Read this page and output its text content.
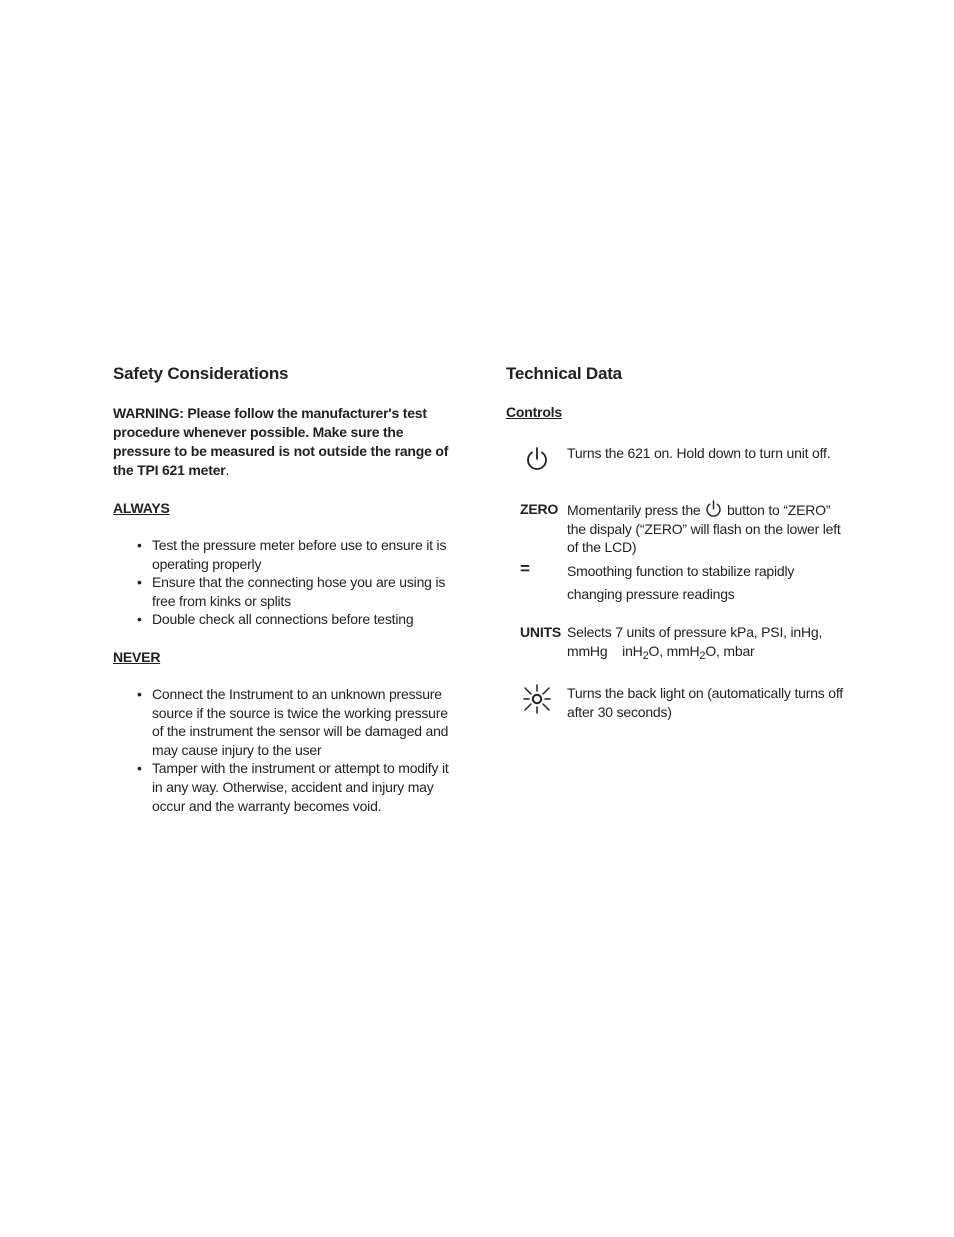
Safety Considerations
WARNING: Please follow the manufacturer's test procedure whenever possible. Make sure the pressure to be measured is not outside the range of the TPI 621 meter.
ALWAYS
• Test the pressure meter before use to ensure it is operating properly
• Ensure that the connecting hose you are using is free from kinks or splits
• Double check all connections before testing
NEVER
• Connect the Instrument to an unknown pressure source if the source is twice the working pressure of the instrument the sensor will be damaged and may cause injury to the user
• Tamper with the instrument or attempt to modify it in any way. Otherwise, accident and injury may occur and the warranty becomes void.
Technical Data
Controls
Turns the 621 on. Hold down to turn unit off.
ZERO Momentarily press the button to “ZERO” the dispaly (“ZERO” will flash on the lower left of the LCD)
=	Smoothing function to stabilize rapidly changing pressure readings
UNITS Selects 7 units of pressure kPa, PSI, inHg,
mmHg    inH$_2$O, mmH$_2$O, mbar
Turns the back light on (automatically turns off after 30 seconds)
